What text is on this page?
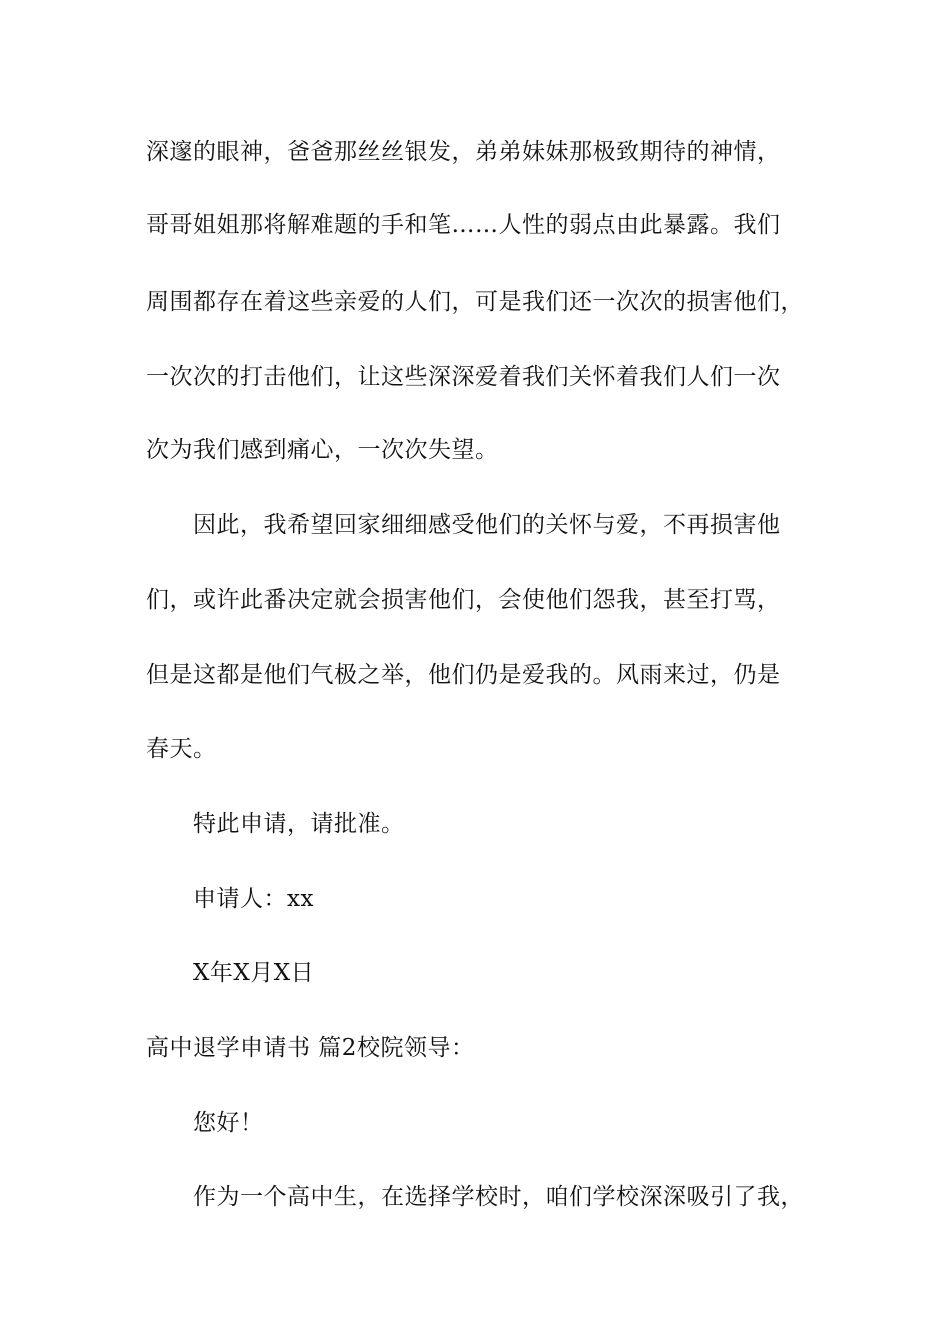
深邃的眼神，爸爸那丝丝银发，弟弟妹妹那极致期待的神情，
哥哥姐姐那将解难题的手和笔……人性的弱点由此暴露。我们
周围都存在着这些亲爱的人们，可是我们还一次次的损害他们，
一次次的打击他们，让这些深深爱着我们关怀着我们人们一次
次为我们感到痛心，一次次失望。
因此，我希望回家细细感受他们的关怀与爱，不再损害他
们，或许此番决定就会损害他们，会使他们怨我，甚至打骂，
但是这都是他们气极之举，他们仍是爱我的。风雨来过，仍是
春天。
特此申请，请批准。
申请人：xx
X年X月X日
高中退学申请书 篇2校院领导：
您好！
作为一个高中生，在选择学校时，咱们学校深深吸引了我，
